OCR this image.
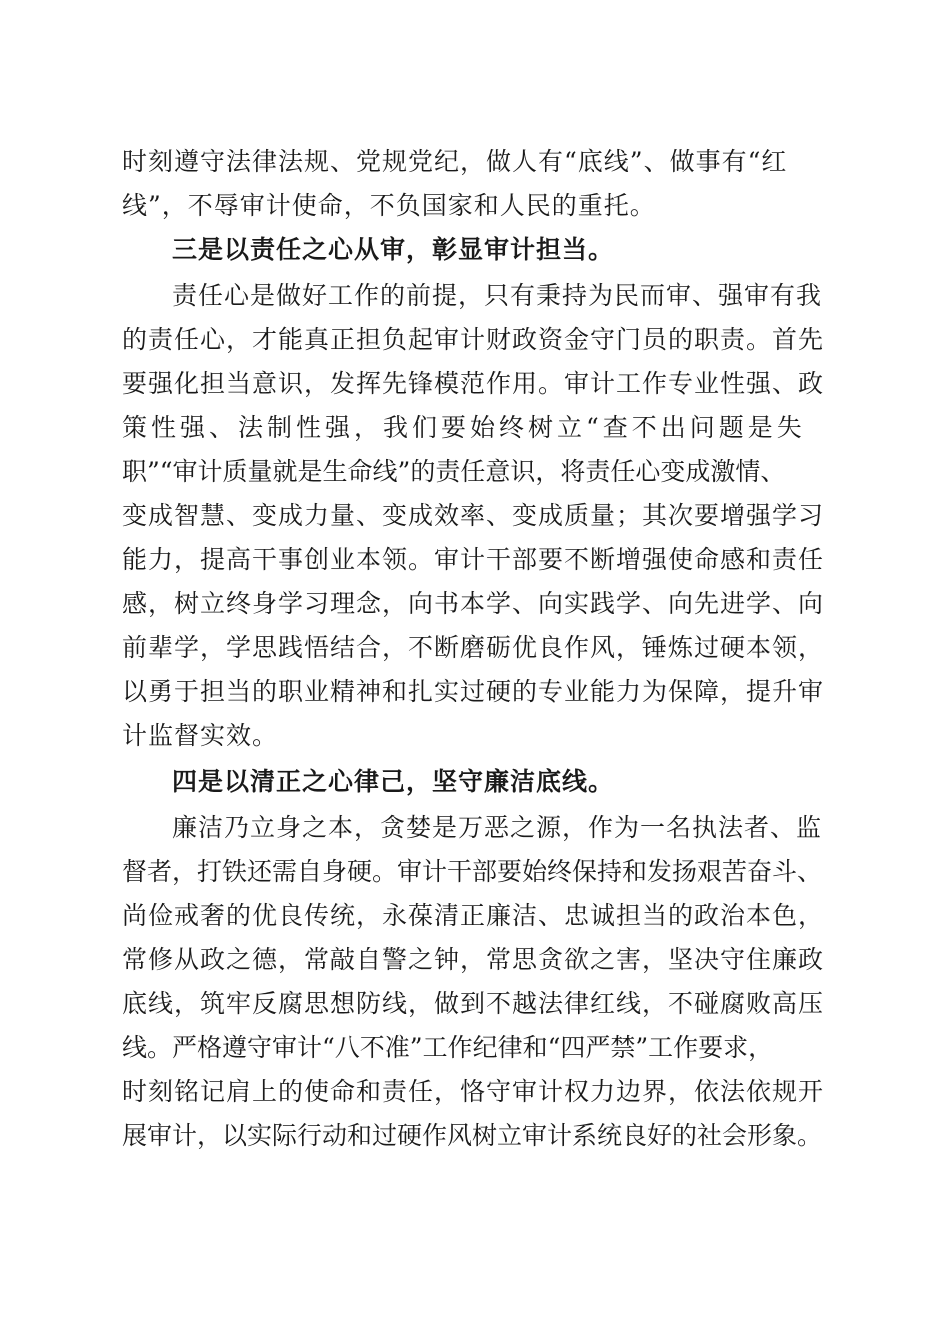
时刻遵守法律法规、党规党纪，做人有“底线”、做事有“红
线”，不辱审计使命，不负国家和人民的重托。
三是以责任之心从审，彰显审计担当。
责任心是做好工作的前提，只有秉持为民而审、强审有我
的责任心，才能真正担负起审计财政资金守门员的职责。首先
要强化担当意识，发挥先锋模范作用。审计工作专业性强、政
策性强、法制性强，我们要始终树立“查不出问题是失
职”“审计质量就是生命线”的责任意识，将责任心变成激情、
变成智慧、变成力量、变成效率、变成质量；其次要增强学习
能力，提高干事创业本领。审计干部要不断增强使命感和责任
感，树立终身学习理念，向书本学、向实践学、向先进学、向
前辈学，学思践悟结合，不断磨砺优良作风，锤炼过硬本领，
以勇于担当的职业精神和扎实过硬的专业能力为保障，提升审
计监督实效。
四是以清正之心律己，坚守廉洁底线。
廉洁乃立身之本，贪婪是万恶之源，作为一名执法者、监
督者，打铁还需自身硬。审计干部要始终保持和发扬艰苦奋斗、
尚俭戒奢的优良传统，永葆清正廉洁、忠诚担当的政治本色，
常修从政之德，常敲自警之钟，常思贪欲之害，坚决守住廉政
底线，筑牢反腐思想防线，做到不越法律红线，不碰腐败高压
线。严格遵守审计“八不准”工作纪律和“四严禁”工作要求，
时刻铭记肩上的使命和责任，恪守审计权力边界，依法依规开
展审计，以实际行动和过硬作风树立审计系统良好的社会形象。
